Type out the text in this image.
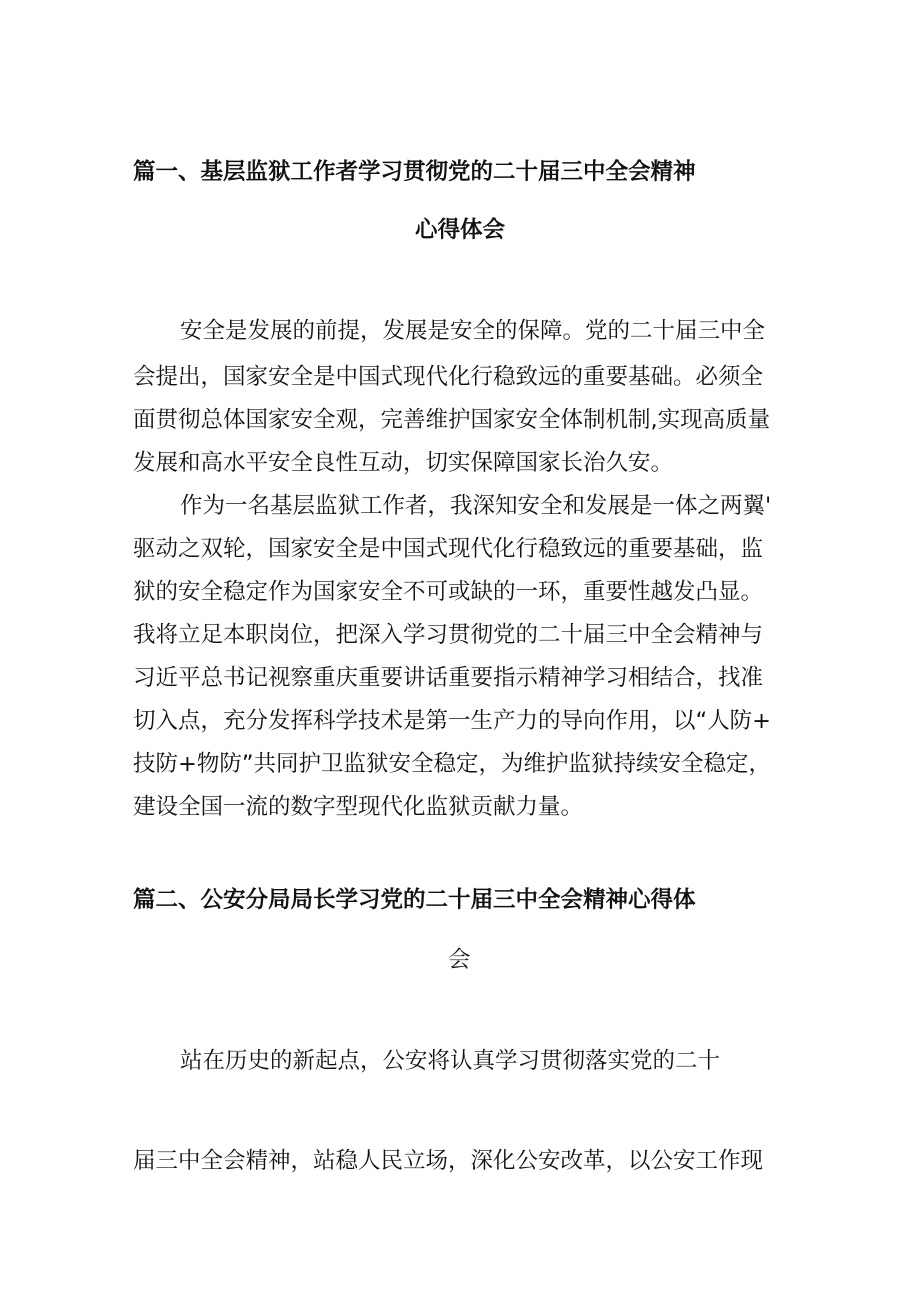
篇一、基层监狱工作者学习贯彻党的二十届三中全会精神
心得体会

安全是发展的前提，发展是安全的保障。党的二十届三中全

会提出，国家安全是中国式现代化行稳致远的重要基础。必须全

面贯彻总体国家安全观，完善维护国家安全体制机制,实现高质量

发展和高水平安全良性互动，切实保障国家长治久安。

作为一名基层监狱工作者，我深知安全和发展是一体之两翼'

驱动之双轮，国家安全是中国式现代化行稳致远的重要基础，监

狱的安全稳定作为国家安全不可或缺的一环，重要性越发凸显。

我将立足本职岗位，把深入学习贯彻党的二十届三中全会精神与

习近平总书记视察重庆重要讲话重要指示精神学习相结合，找准

切入点，充分发挥科学技术是第一生产力的导向作用，以“人防+

技防+物防”共同护卫监狱安全稳定，为维护监狱持续安全稳定，

建设全国一流的数字型现代化监狱贡献力量。

篇二、公安分局局长学习党的二十届三中全会精神心得体
会

站在历史的新起点，公安将认真学习贯彻落实党的二十

届三中全会精神，站稳人民立场，深化公安改革，以公安工作现
